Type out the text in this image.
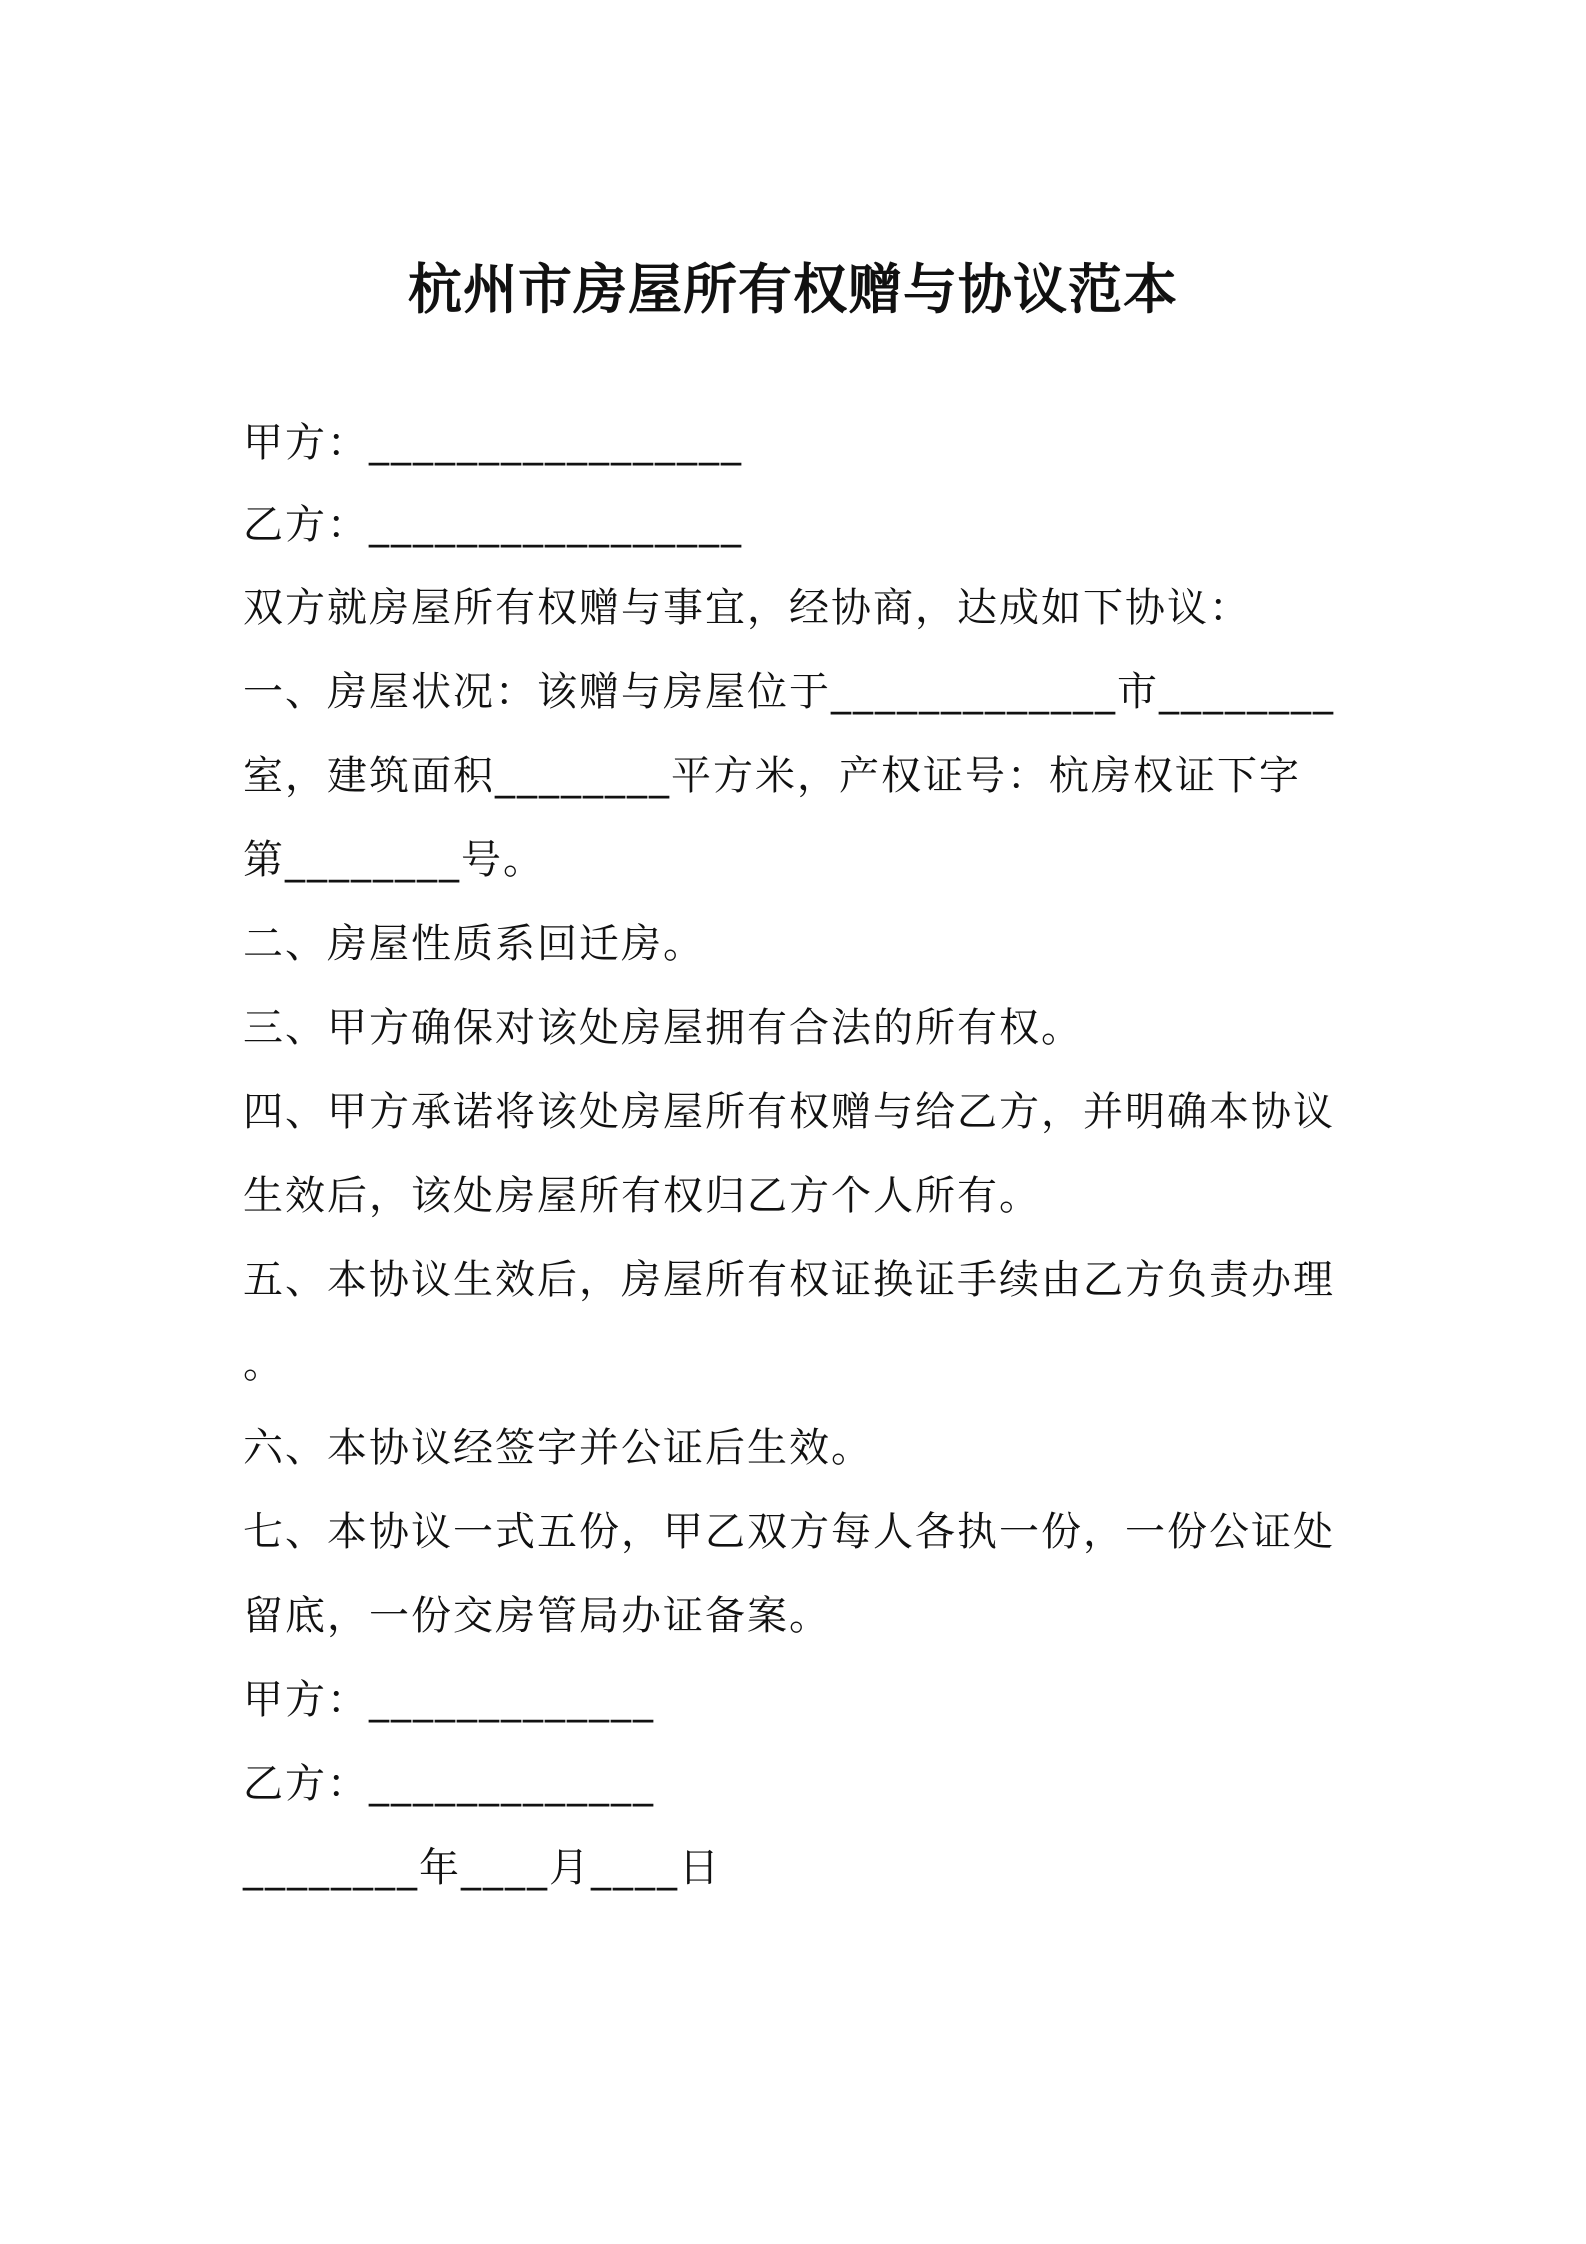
杭州市房屋所有权赠与协议范本
甲方：_________________
乙方：_________________
双方就房屋所有权赠与事宜，经协商，达成如下协议：
一、房屋状况：该赠与房屋位于_____________市________
室，建筑面积________平方米，产权证号：杭房权证下字
第________号。
二、房屋性质系回迁房。
三、甲方确保对该处房屋拥有合法的所有权。
四、甲方承诺将该处房屋所有权赠与给乙方，并明确本协议
生效后，该处房屋所有权归乙方个人所有。
五、本协议生效后，房屋所有权证换证手续由乙方负责办理
。
六、本协议经签字并公证后生效。
七、本协议一式五份，甲乙双方每人各执一份，一份公证处
留底，一份交房管局办证备案。
甲方：_____________
乙方：_____________
________年____月____日
